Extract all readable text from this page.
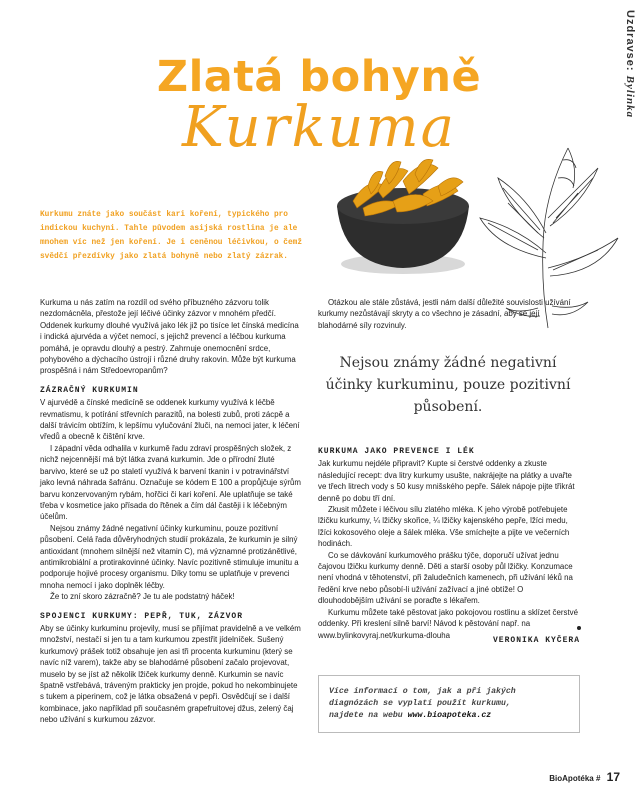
Zlatá bohyně
Kurkuma
Uzdravse: Bylinka
Kurkumu znáte jako součást kari koření, typického pro indickou kuchyni. Tahle původem asijská rostlina je ale mnohem víc než jen koření. Je i ceněnou léčivkou, o čemž svědčí přezdívky jako zlatá bohyně nebo zlatý zázrak.

Kurkuma u nás zatím na rozdíl od svého příbuzného zázvoru tolik nezdomácněla, přestože její léčivé účinky zázvor v mnohém předčí. Oddenek kurkumy dlouhé využívá jako lék již po tisíce let čínská medicína i indická ajurvéda a výčet nemocí, s jejichž prevencí a léčbou kurkuma pomáhá, je opravdu dlouhý a pestrý. Zahrnuje onemocnění srdce, pohybového a dýchacího ústrojí i různé druhy rakovin. Může být kurkuma prospěšná i nám Středoevropanům?

ZÁZRAČNÝ KURKUMIN

V ajurvédě a čínské medicíně se oddenek kurkumy využívá k léčbě revmatismu, k potírání střevních parazitů, na bolesti zubů, proti zácpě a další trávicím obtížím, k lepšímu vylučování žluči, na nemoci jater, k léčení vředů a obecně k čištění krve.

I západní věda odhalila v kurkumě řadu zdraví prospěšných složek, z nichž nejcennější má být látka zvaná kurkumin. Jde o přírodní žluté barvivo, které se už po staletí využívá k barvení tkanin i v potravinářství jako levná náhrada šafránu. Označuje se kódem E 100 a propůjčuje sýrům barvu konzervovaným rybám, hořčici či kari koření. Ale uplatňuje se také třeba v kosmetice jako přísada do řtěnek a čím dál častěji i k léčebným účelům.

Nejsou známy žádné negativní účinky kurkuminu, pouze pozitivní působení. Celá řada důvěryhodných studií prokázala, že kurkumin je silný antioxidant (mnohem silnější než vitamin C), má významné protizánětlivé, antimikrobiální a protirakovinné účinky. Navíc pozitivně stimuluje imunitu a podporuje hojivé procesy organismu. Díky tomu se uplatňuje v prevenci mnoha nemocí i jako doplněk léčby.

Že to zní skoro zázračně? Je tu ale podstatný háček!

SPOJENCI KURKUMY: PEPŘ, TUK, ZÁZVOR

Aby se účinky kurkuminu projevily, musí se přijímat pravidelně a ve velkém množství, nestačí si jen tu a tam kurkumou zpestřit jídelníček. Sušený kurkumový prášek totiž obsahuje jen asi tři procenta kurkuminu (který se navíc níž varem), takže aby se blahodárné působení začalo projevovat, muselo by se jíst až několik lžiček kurkumy denně. Kurkumin se navíc špatně vstřebává, tráveným prakticky jen projde, pokud ho nekombinujete s tukem a piperinem, což je látka obsažená v pepři. Osvědčují se i další kombinace, jako například při současném grapefruitovej džus, zelený čaj nebo užívání s kurkumou zázvor.

Otázkou ale stále zůstává, jestli nám další důležité souvislosti užívání kurkumy nezůstávají skryty a co všechno je zásadní, aby se její blahodárné síly rozvinuly.

Nejsou známy žádné negativní účinky kurkuminu, pouze pozitivní působení.
KURKUMA JAKO PREVENCE I LÉK

Jak kurkumu nejdéle připravit? Kupte si čerstvé oddenky a zkuste následující recept: dva litry kurkumy usušte, nakrájejte na plátky a uvařte ve třech litrech vody s 50 kusy mnišského pepře. Sálek nápoje pijte třikrát denně po dobu tří dní.

Zkusit můžete i léčivou sílu zlatého mléka. K jeho výrobě potřebujete lžičku kurkumy, ¼ lžičky skořice, ¼ lžičky kajenského pepře, lžíci medu, lžíci kokosového oleje a šálek mléka. Vše smíchejte a pijte ve večerních hodinách.

Co se dávkování kurkumového prášku týče, doporučí užívat jednu čajovou lžičku kurkumy denně. Děti a starší osoby půl lžičky. Konzumace není vhodná v těhotenství, při žaludečních kamenech, při užívání léků na ředění krve nebo působí-li užívání zažívací a jiné obtíže! O dlouhodobějším užívání se poraďte s lékařem.

Kurkumu můžete také pěstovat jako pokojovou rostlinu a sklízet čerstvé oddenky. Při kreslení silně barví! Návod k pěstování např. na www.bylinkovyraj.net/kurkuma-dlouha

VERONIKA KYČERA
Více informací o tom, jak a při jakých
diagnózách se vyplatí použít kurkumu,
najdete na webu www.bioapoteka.cz
BioApotéka # 17
